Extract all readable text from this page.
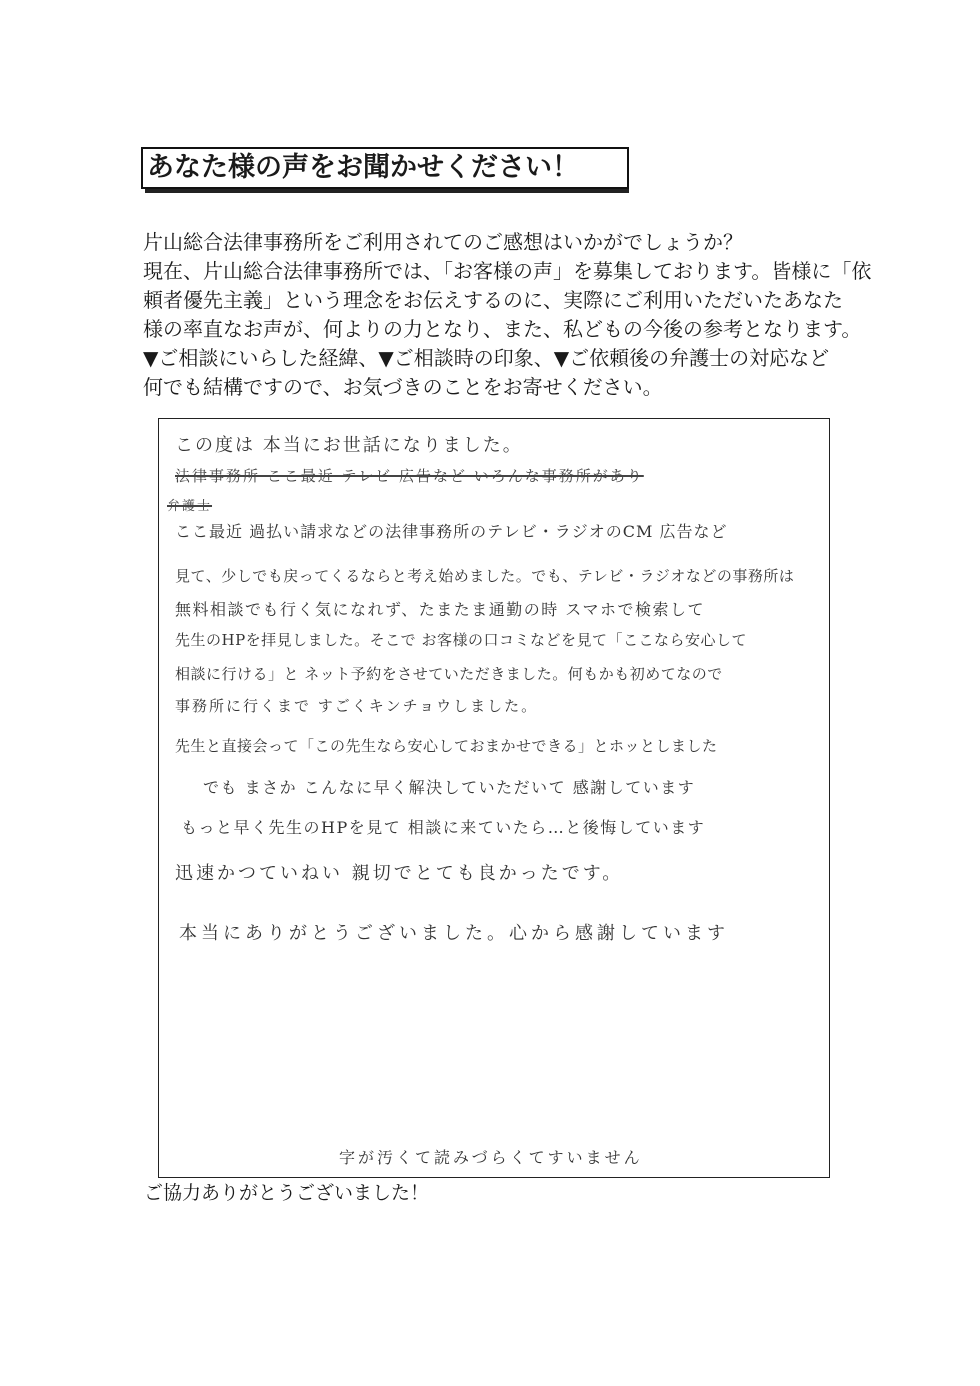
あなた様の声をお聞かせください！
片山総合法律事務所をご利用されてのご感想はいかがでしょうか？
現在、片山総合法律事務所では、「お客様の声」を募集しております。皆様に「依
頼者優先主義」という理念をお伝えするのに、実際にご利用いただいたあなた
様の率直なお声が、何よりの力となり、また、私どもの今後の参考となります。
▼ご相談にいらした経緯、▼ご相談時の印象、▼ご依頼後の弁護士の対応など
何でも結構ですので、お気づきのことをお寄せください。
この度は 本当にお世話になりました。
法律事務所 ここ最近 テレビ 広告など いろんな事務所があり
弁護士
ここ最近 過払い請求などの法律事務所のテレビ・ラジオのCM 広告など
見て、少しでも戻ってくるならと考え始めました。でも、テレビ・ラジオなどの事務所は
無料相談でも行く気になれず、たまたま通勤の時 スマホで検索して
先生のHPを拝見しました。そこで お客様の口コミなどを見て「ここなら安心して
相談に行ける」と ネット予約をさせていただきました。何もかも初めてなので
事務所に行くまで すごくキンチョウしました。
先生と直接会って「この先生なら安心しておまかせできる」とホッとしました
でも まさか こんなに早く解決していただいて 感謝しています
もっと早く先生のHPを見て 相談に来ていたら…と後悔しています
迅速かつていねい 親切でとても良かったです。
本当にありがとうございました。心から感謝しています
字が汚くて読みづらくてすいません
ご協力ありがとうございました！
